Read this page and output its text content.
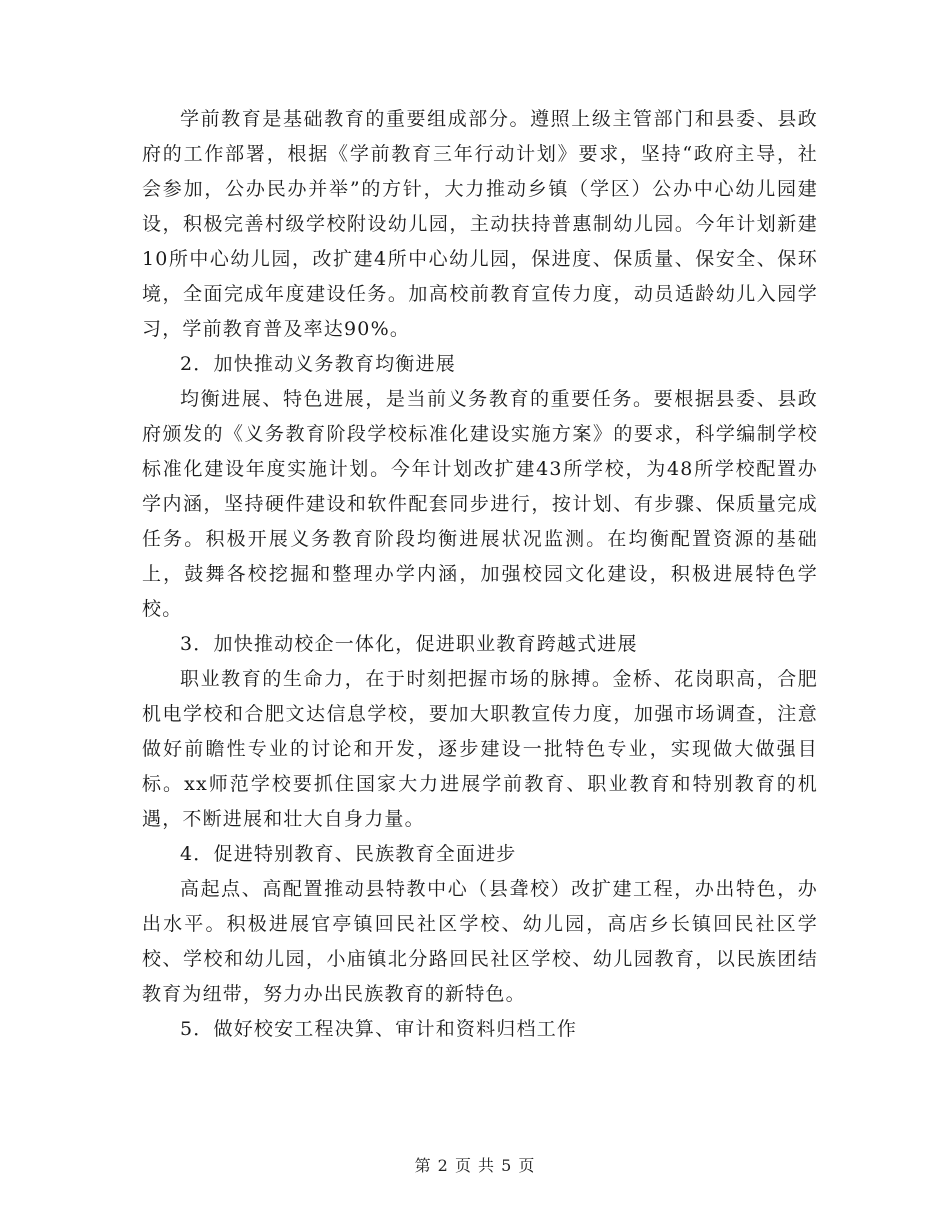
学前教育是基础教育的重要组成部分。遵照上级主管部门和县委、县政府的工作部署，根据《学前教育三年行动计划》要求，坚持“政府主导，社会参加，公办民办并举”的方针，大力推动乡镇（学区）公办中心幼儿园建设，积极完善村级学校附设幼儿园，主动扶持普惠制幼儿园。今年计划新建10所中心幼儿园，改扩建4所中心幼儿园，保进度、保质量、保安全、保环境，全面完成年度建设任务。加高校前教育宣传力度，动员适龄幼儿入园学习，学前教育普及率达90%。

2．加快推动义务教育均衡进展

均衡进展、特色进展，是当前义务教育的重要任务。要根据县委、县政府颁发的《义务教育阶段学校标准化建设实施方案》的要求，科学编制学校标准化建设年度实施计划。今年计划改扩建43所学校，为48所学校配置办学内涵，坚持硬件建设和软件配套同步进行，按计划、有步骤、保质量完成任务。积极开展义务教育阶段均衡进展状况监测。在均衡配置资源的基础上，鼓舞各校挖掘和整理办学内涵，加强校园文化建设，积极进展特色学校。

3．加快推动校企一体化，促进职业教育跨越式进展

职业教育的生命力，在于时刻把握市场的脉搏。金桥、花岗职高，合肥机电学校和合肥文达信息学校，要加大职教宣传力度，加强市场调查，注意做好前瞻性专业的讨论和开发，逐步建设一批特色专业，实现做大做强目标。xx师范学校要抓住国家大力进展学前教育、职业教育和特别教育的机遇，不断进展和壮大自身力量。

4．促进特别教育、民族教育全面进步

高起点、高配置推动县特教中心（县聋校）改扩建工程，办出特色，办出水平。积极进展官亭镇回民社区学校、幼儿园，高店乡长镇回民社区学校、学校和幼儿园，小庙镇北分路回民社区学校、幼儿园教育，以民族团结教育为纽带，努力办出民族教育的新特色。

5．做好校安工程决算、审计和资料归档工作

第 2 页 共 5 页
